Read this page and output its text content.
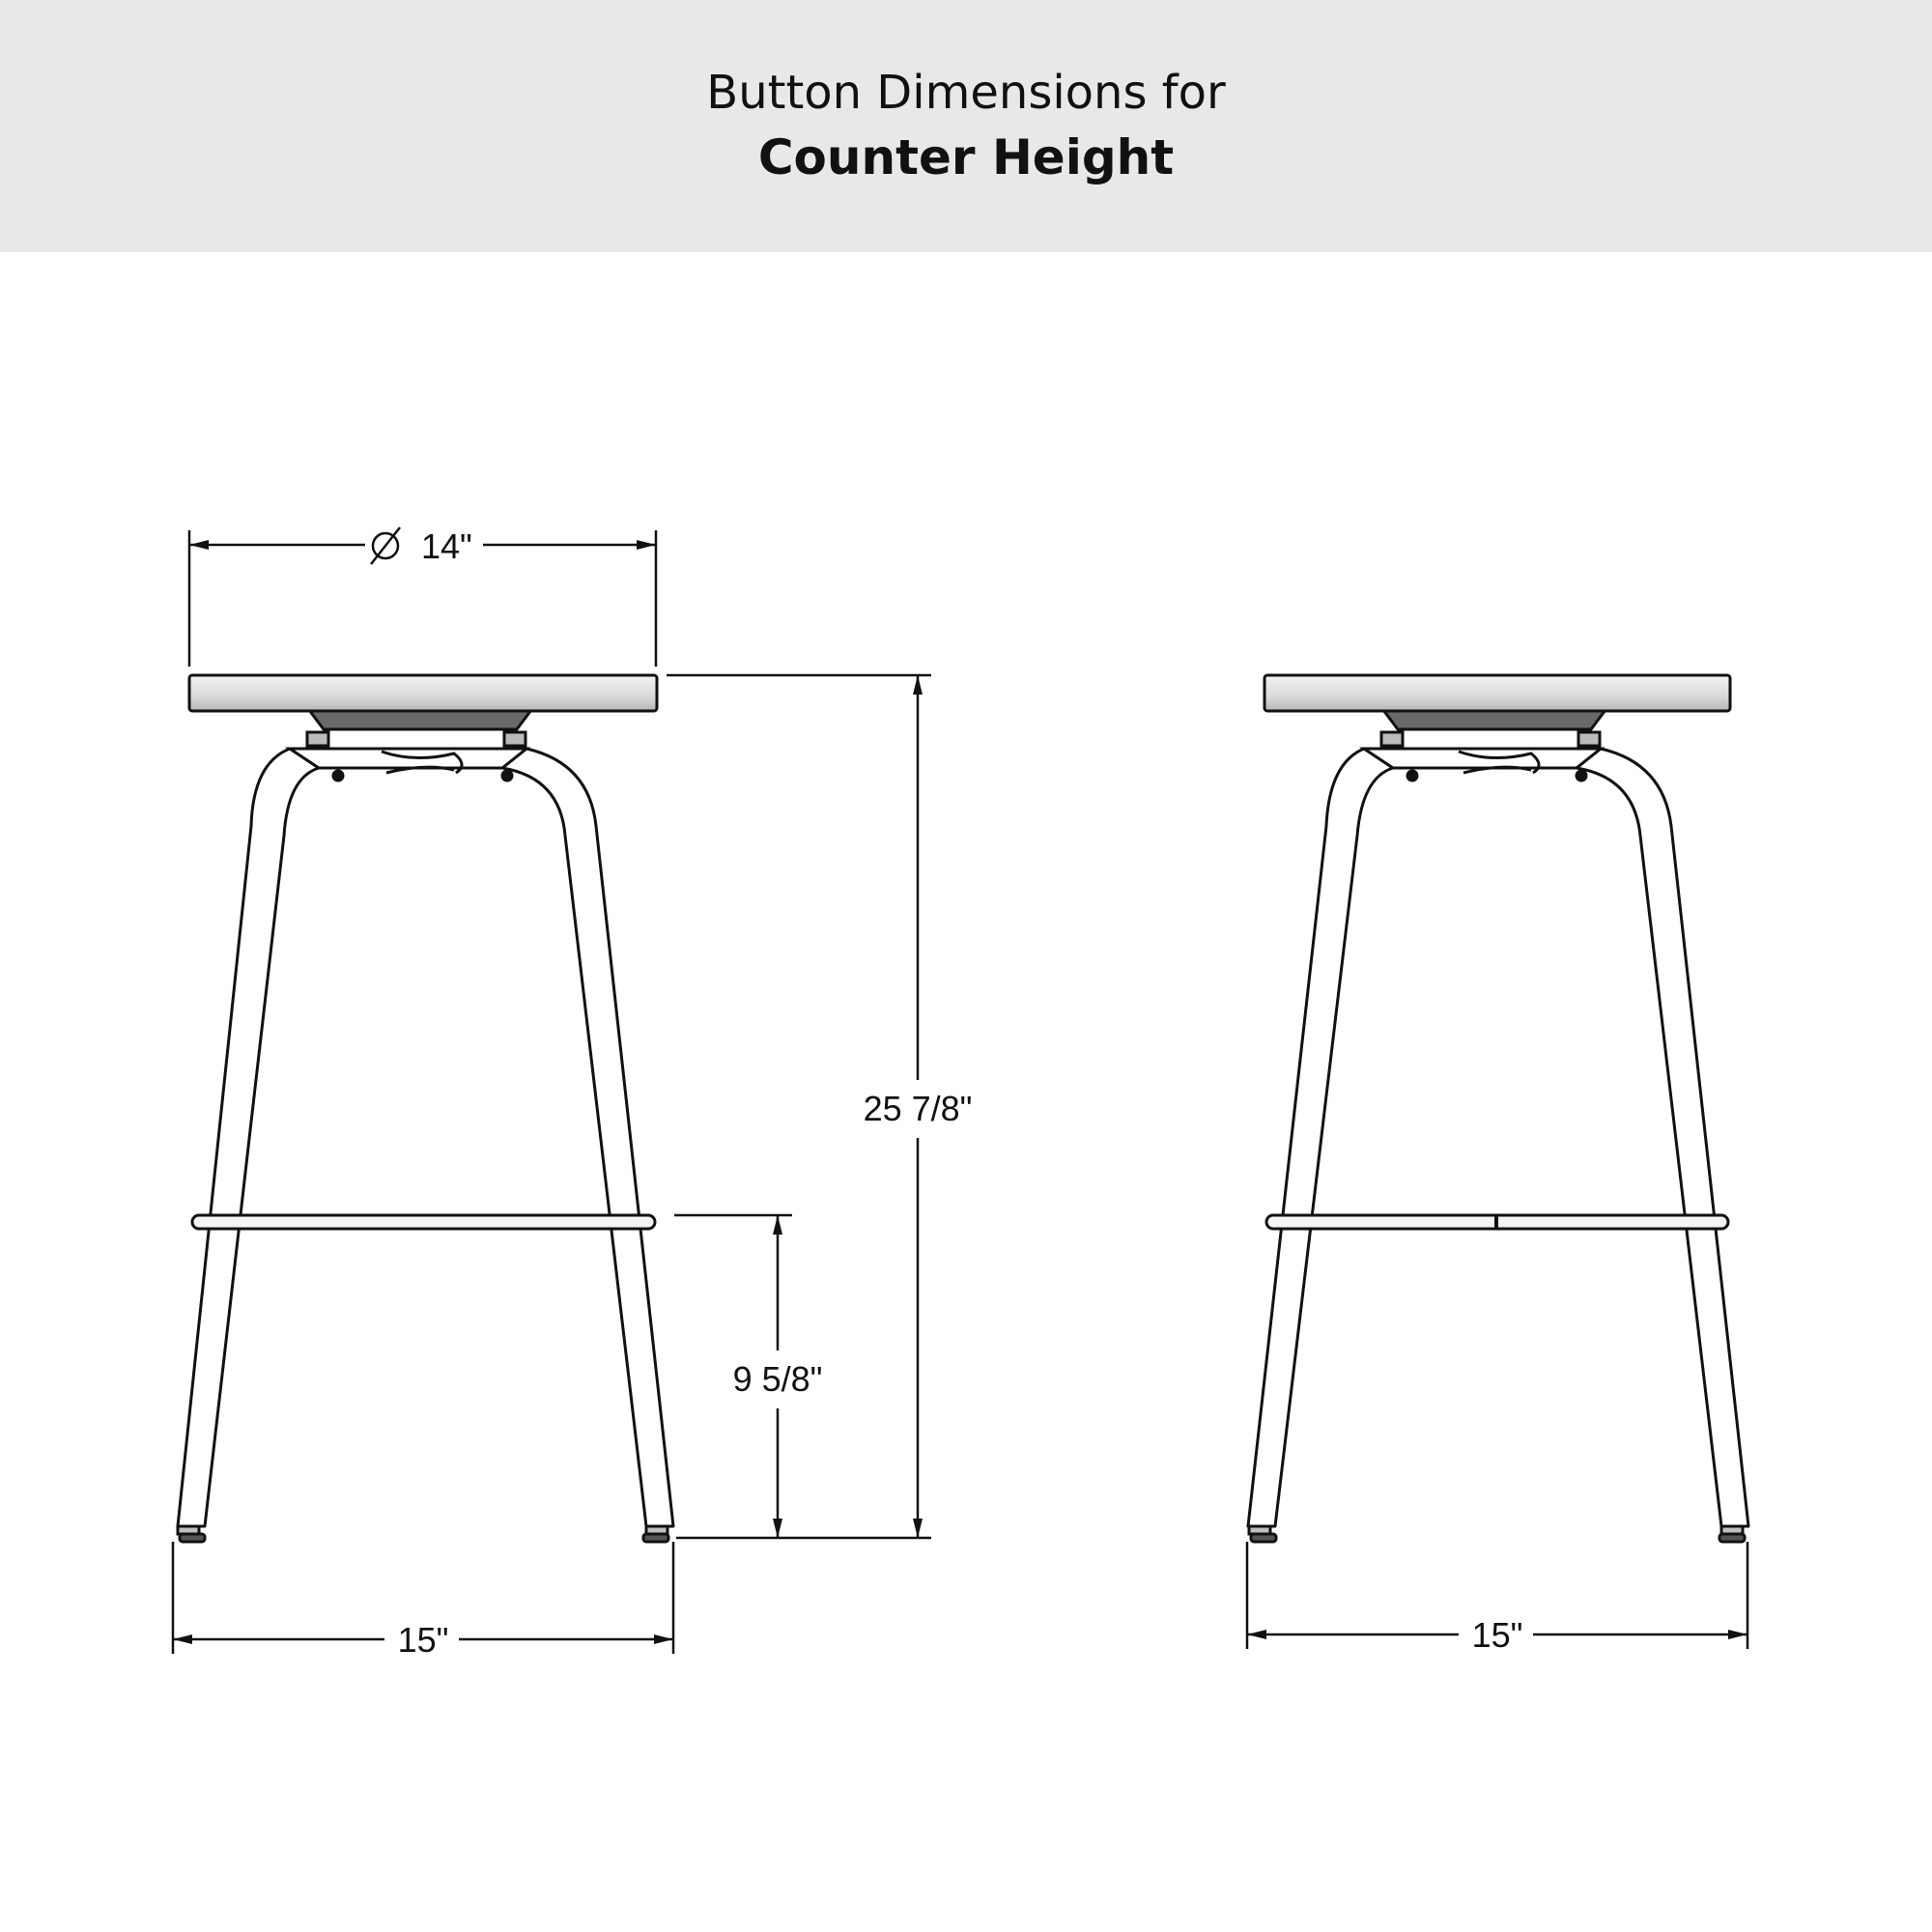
Button Dimensions for
Counter Height
14"
25 7/8"
9 5/8"
15"	15"
